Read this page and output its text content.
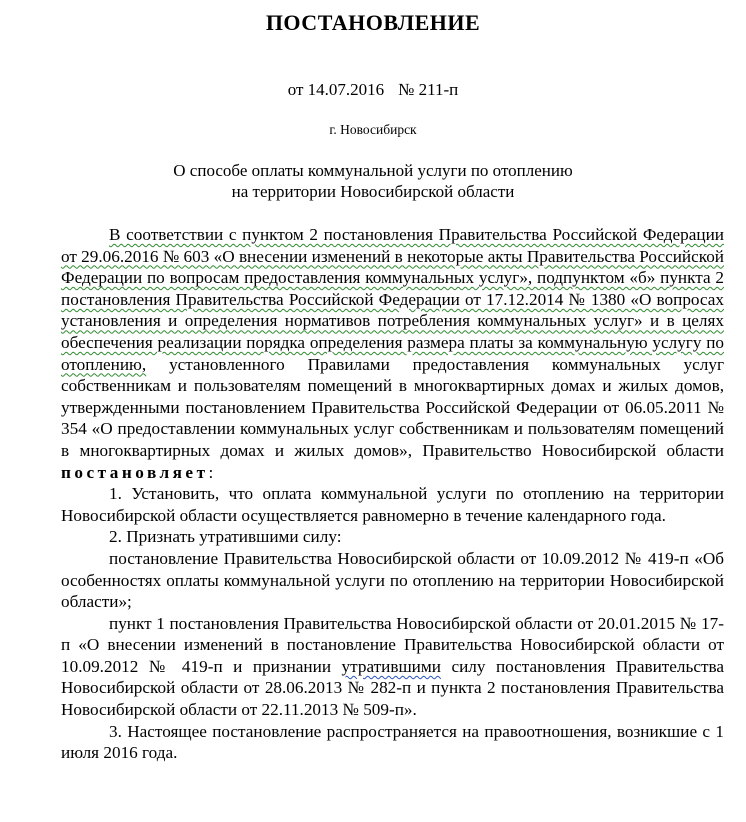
ПОСТАНОВЛЕНИЕ
от 14.07.2016 № 211-п
г. Новосибирск
О способе оплаты коммунальной услуги по отоплению
на территории Новосибирской области

В соответствии с пунктом 2 постановления Правительства Российской Федерации от 29.06.2016 № 603 «О внесении изменений в некоторые акты Правительства Российской Федерации по вопросам предоставления коммунальных услуг», подпунктом «б» пункта 2 постановления Правительства Российской Федерации от 17.12.2014 № 1380 «О вопросах установления и определения нормативов потребления коммунальных услуг» и в целях обеспечения реализации порядка определения размера платы за коммунальную услугу по отоплению, установленного Правилами предоставления коммунальных услуг собственникам и пользователям помещений в многоквартирных домах и жилых домов, утвержденными постановлением Правительства Российской Федерации от 06.05.2011 № 354 «О предоставлении коммунальных услуг собственникам и пользователям помещений в многоквартирных домах и жилых домов», Правительство Новосибирской области постановляет:

1. Установить, что оплата коммунальной услуги по отоплению на территории Новосибирской области осуществляется равномерно в течение календарного года.

2. Признать утратившими силу:

постановление Правительства Новосибирской области от 10.09.2012 № 419-п «Об особенностях оплаты коммунальной услуги по отоплению на территории Новосибирской области»;

пункт 1 постановления Правительства Новосибирской области от 20.01.2015 № 17-п «О внесении изменений в постановление Правительства Новосибирской области от 10.09.2012 № 419-п и признании утратившими силу постановления Правительства Новосибирской области от 28.06.2013 № 282-п и пункта 2 постановления Правительства Новосибирской области от 22.11.2013 № 509-п».

3. Настоящее постановление распространяется на правоотношения, возникшие с 1 июля 2016 года.
